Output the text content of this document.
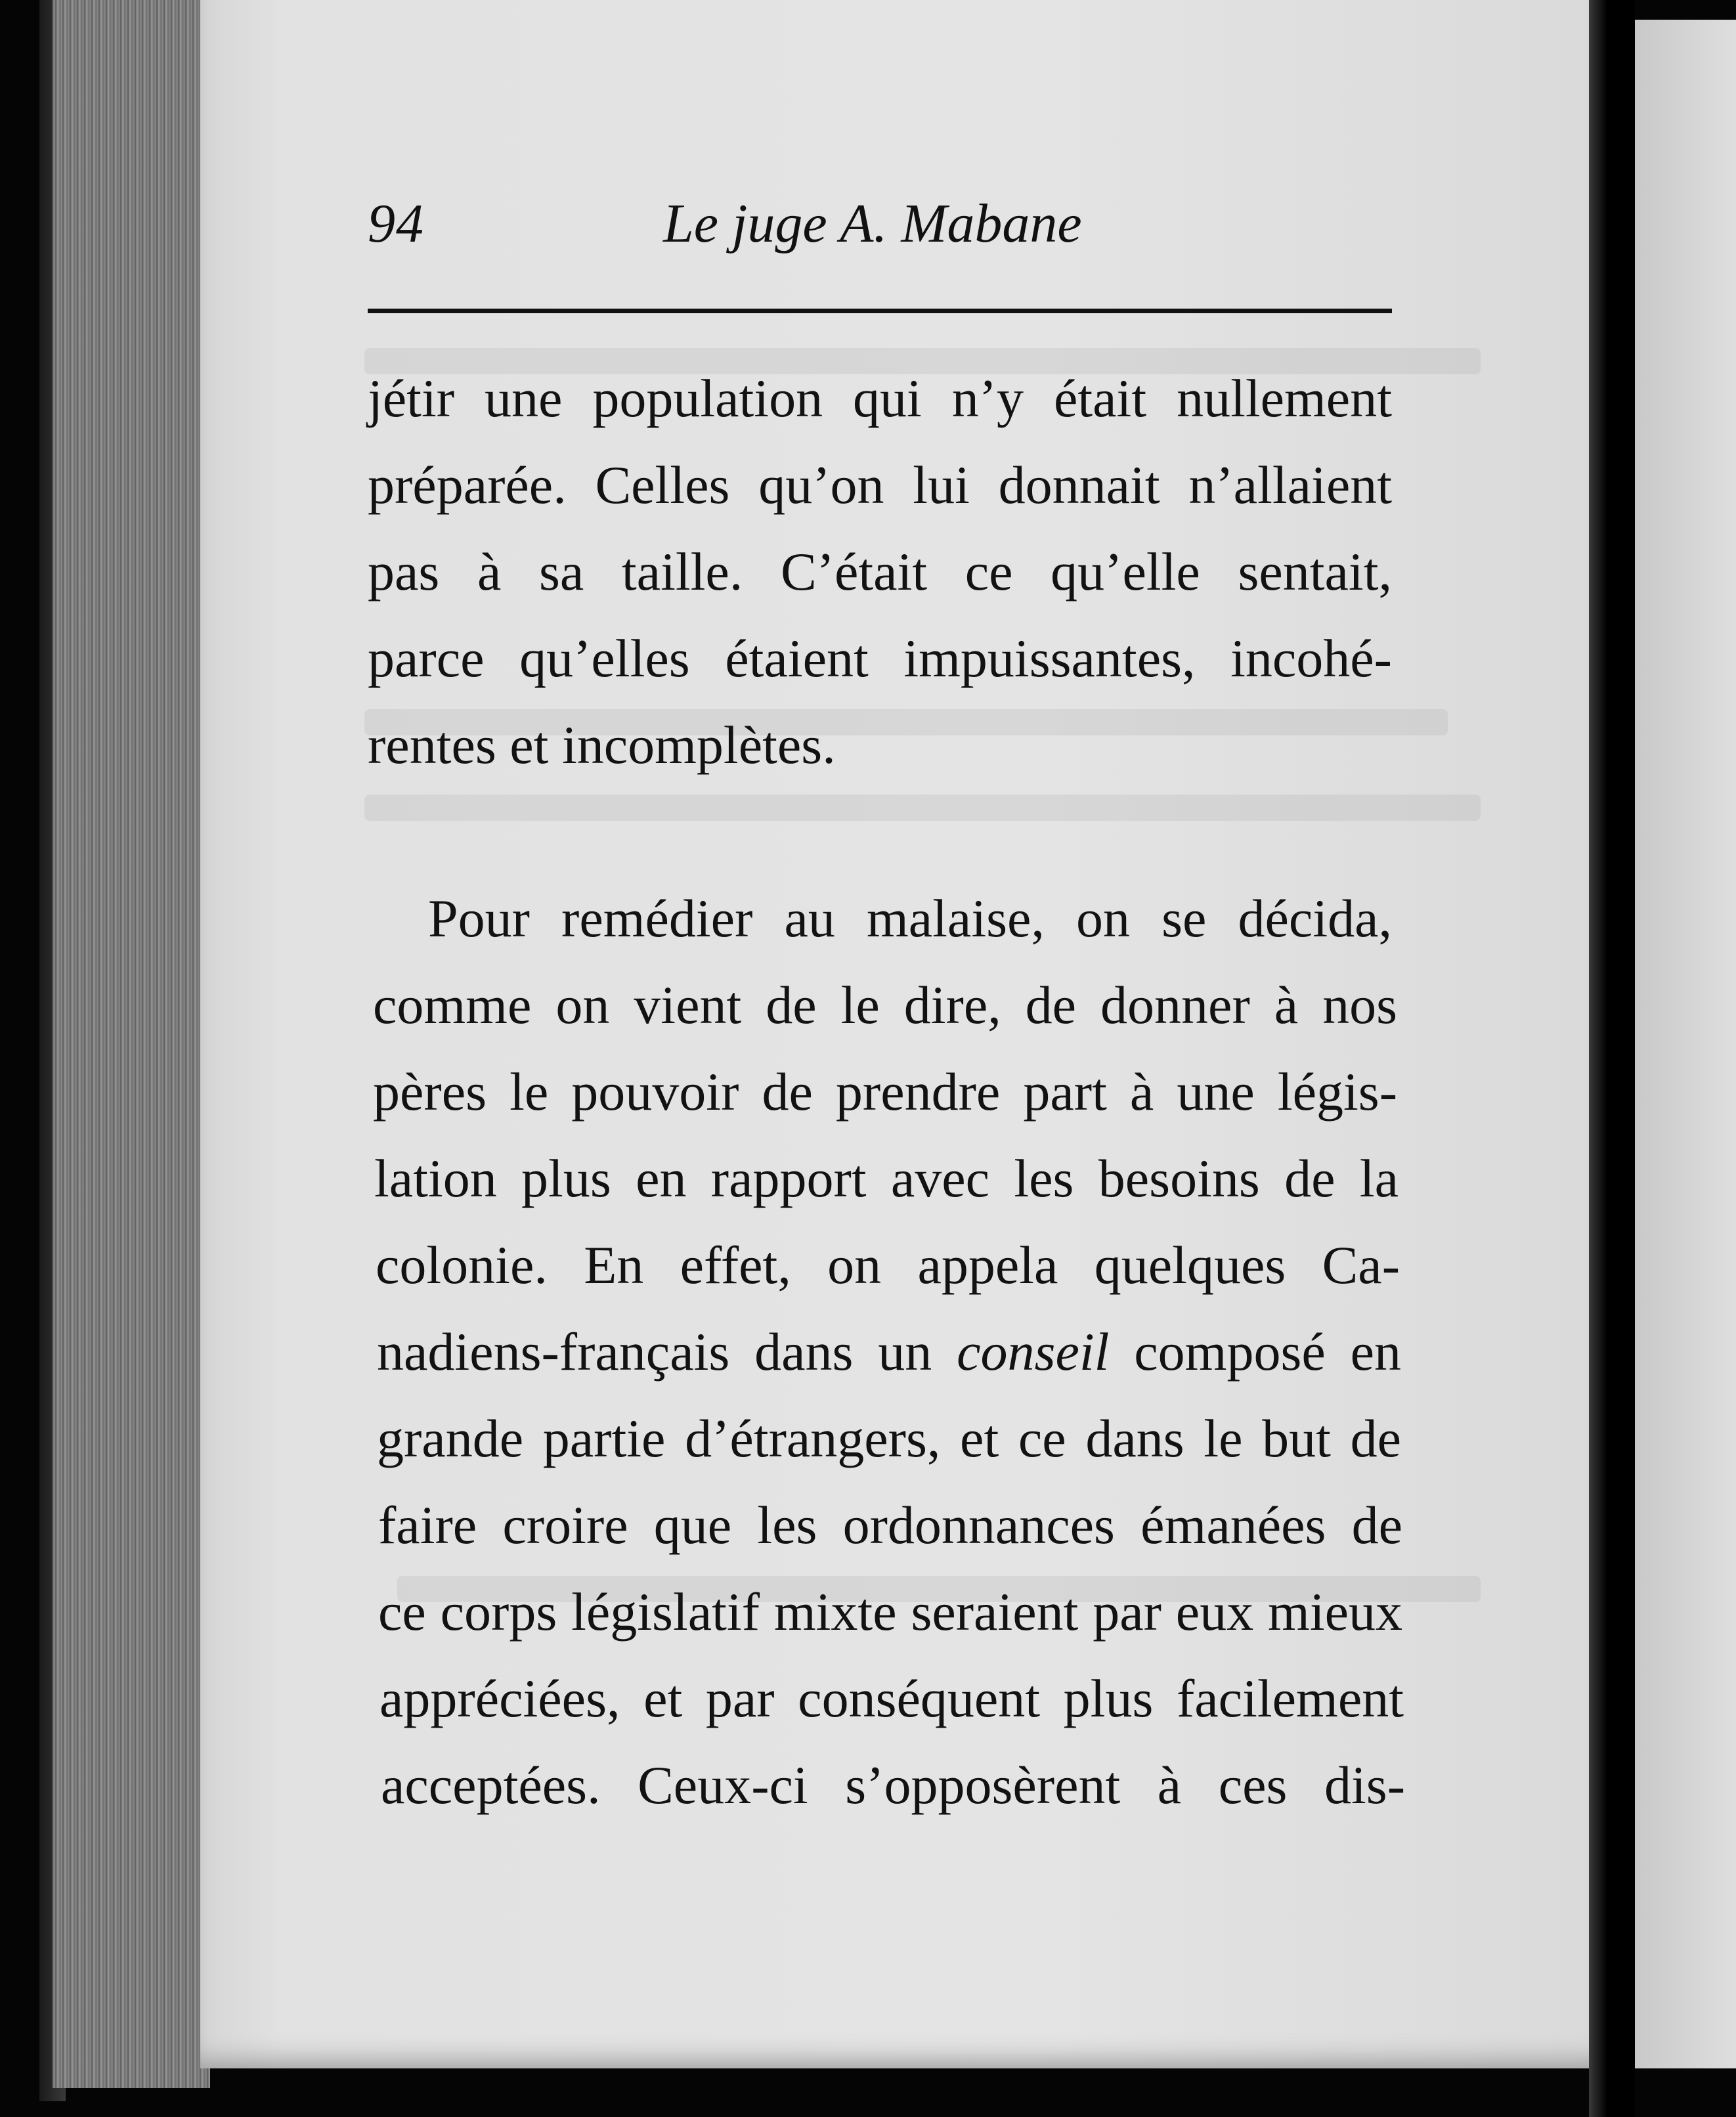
94	Le juge A. Mabane
jétir une population qui n’y était nullement
préparée. Celles qu’on lui donnait n’allaient
pas à sa taille. C’était ce qu’elle sentait,
parce qu’elles étaient impuissantes, incohé-
rentes et incomplètes.
Pour remédier au malaise, on se décida,
comme on vient de le dire, de donner à nos
pères le pouvoir de prendre part à une légis-
lation plus en rapport avec les besoins de la
colonie. En effet, on appela quelques Ca-
nadiens-français dans un conseil composé en
grande partie d’étrangers, et ce dans le but de
faire croire que les ordonnances émanées de
ce corps législatif mixte seraient par eux mieux
appréciées, et par conséquent plus facilement
acceptées. Ceux-ci s’opposèrent à ces dis-
